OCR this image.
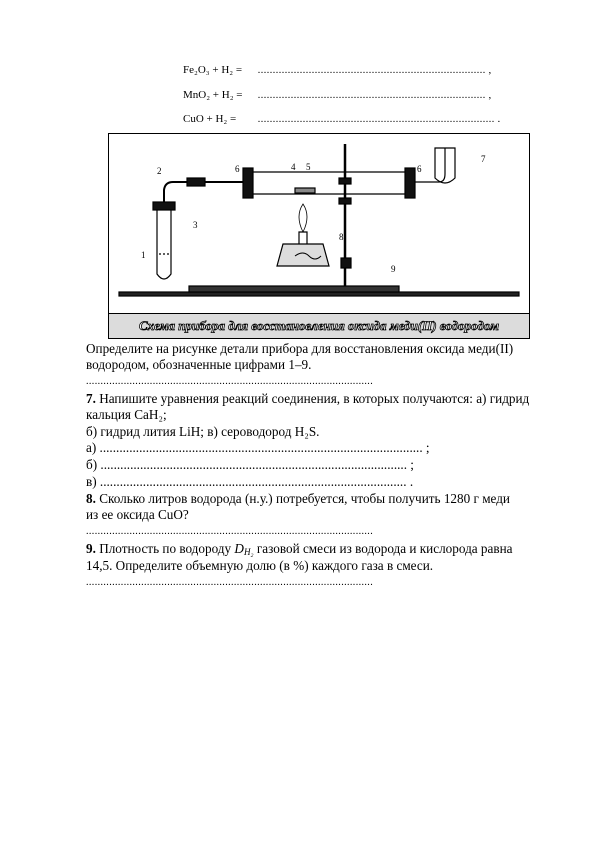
Fe₂O₃ + H₂ = ............................................................................ ,
MnO₂ + H₂ = ............................................................................ ,
CuO + H₂ = ............................................................................... .
1
2
3
4 5
6	6
7
8
9
Схема прибора для восстановления оксида меди(II) водородом
Определите на рисунке детали прибора для восстановления оксида меди(II)
водородом, обозначенные цифрами 1–9.
...................................................................................................
7. Напишите уравнения реакций соединения, в которых получаются: а) гидрид
кальция CaH₂;
б) гидрид лития LiH; в) сероводород H₂S.
а) .................................................................................................. ;
б) ............................................................................................. ;
в) ............................................................................................. .
8. Сколько литров водорода (н.у.) потребуется, чтобы получить 1280 г меди
из ее оксида CuO?
...................................................................................................
9. Плотность по водороду $D_{H_2}$ газовой смеси из водорода и кислорода равна
14,5. Определите объемную долю (в %) каждого газа в смеси.
...................................................................................................
